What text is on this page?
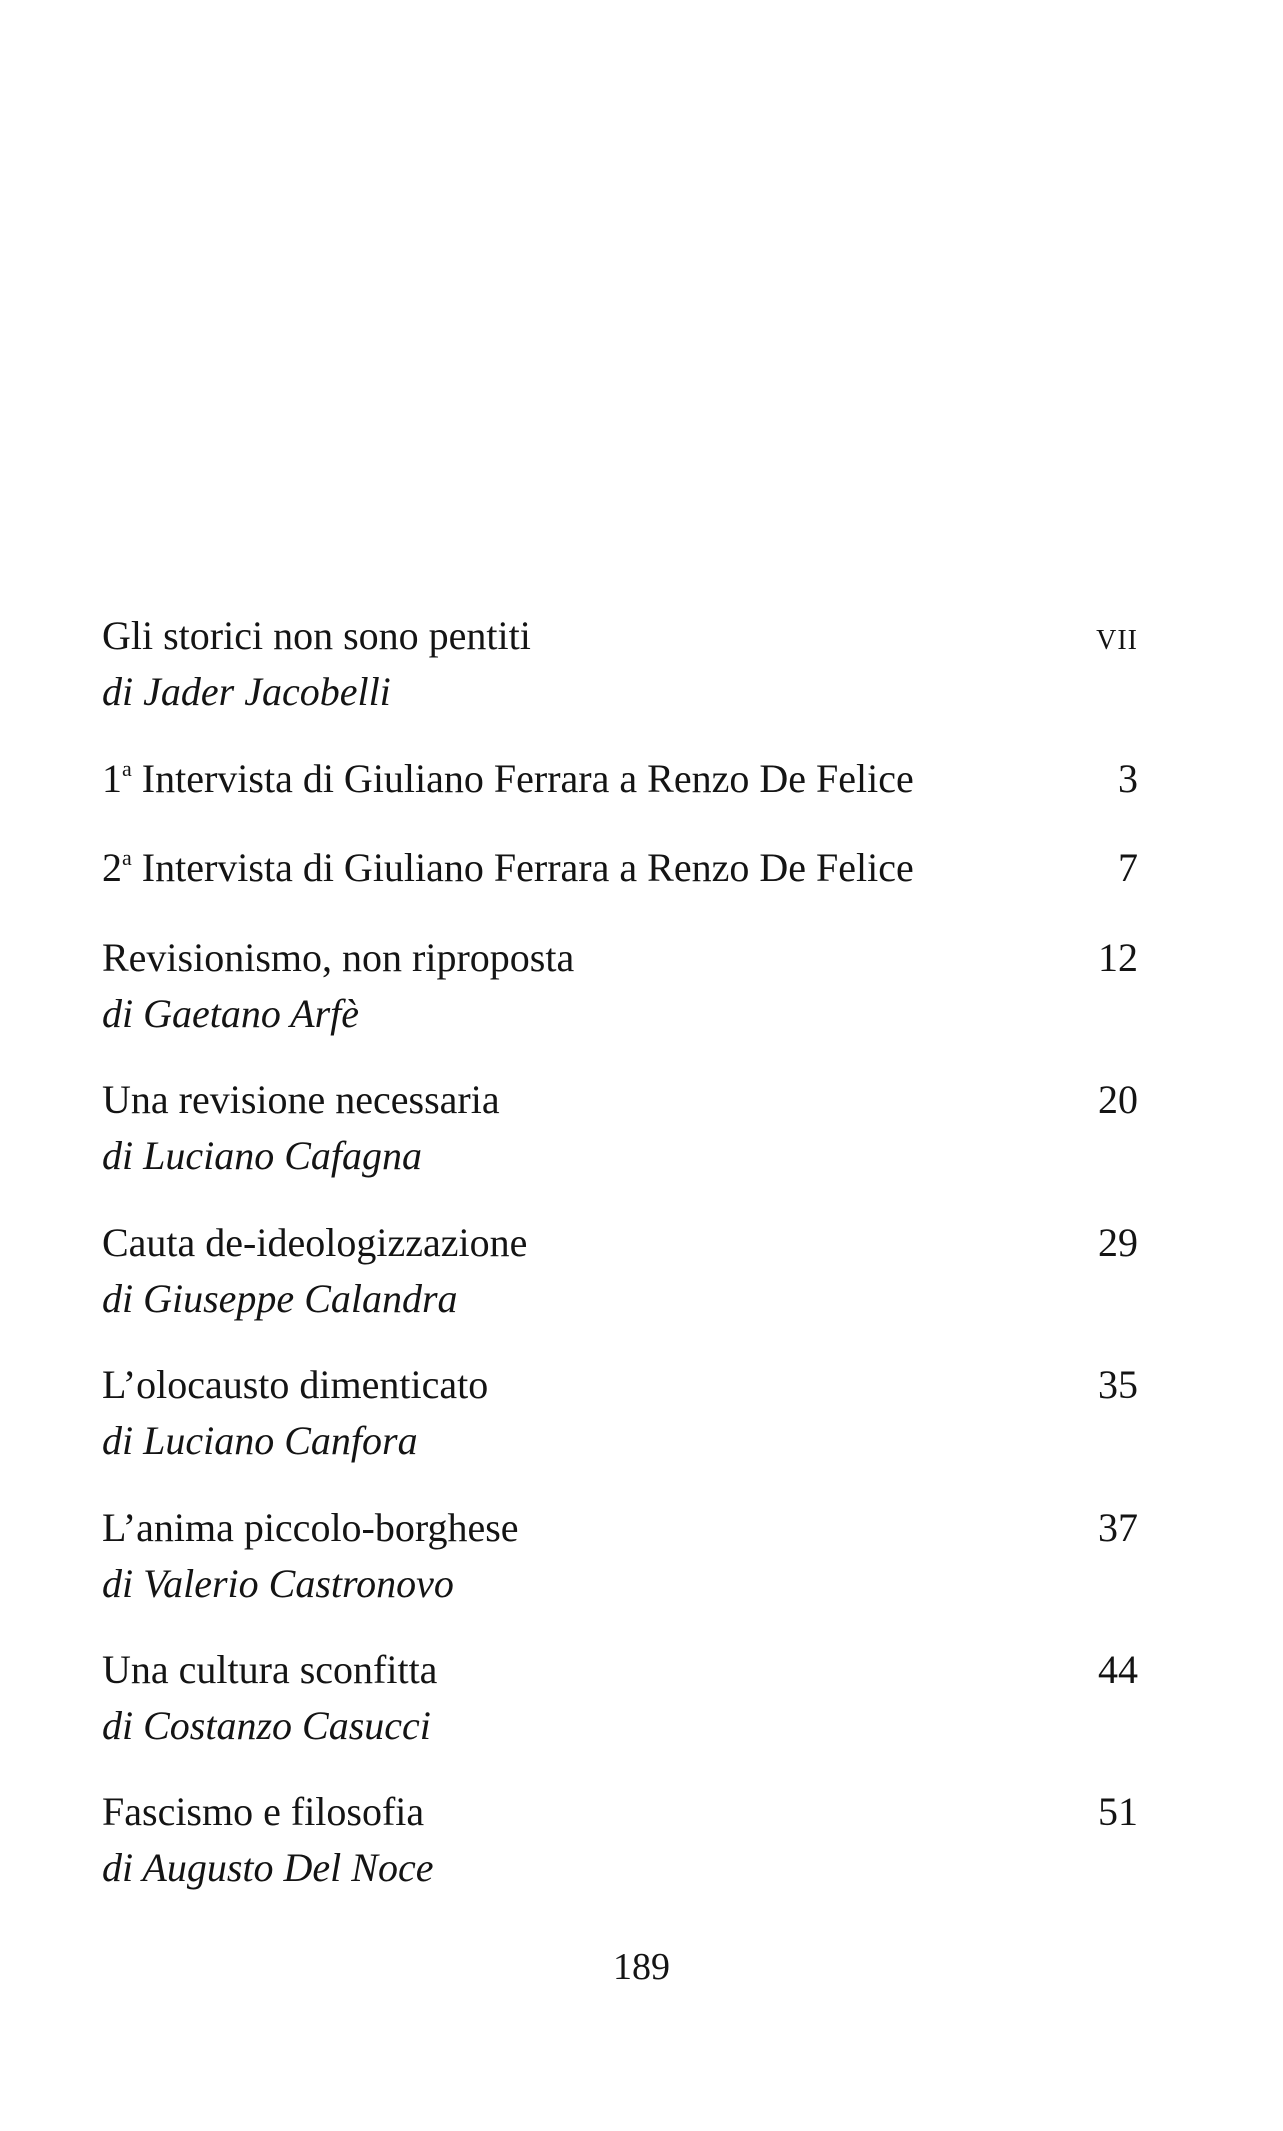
Gli storici non sono pentiti	vii
di Jader Jacobelli
1$^a$ Intervista di Giuliano Ferrara a Renzo De Felice	3
2$^a$ Intervista di Giuliano Ferrara a Renzo De Felice	7
Revisionismo, non riproposta	12
di Gaetano Arfè
Una revisione necessaria	20
di Luciano Cafagna
Cauta de-ideologizzazione	29
di Giuseppe Calandra
L’olocausto dimenticato	35
di Luciano Canfora
L’anima piccolo-borghese	37
di Valerio Castronovo
Una cultura sconfitta	44
di Costanzo Casucci
Fascismo e filosofia	51
di Augusto Del Noce
189
